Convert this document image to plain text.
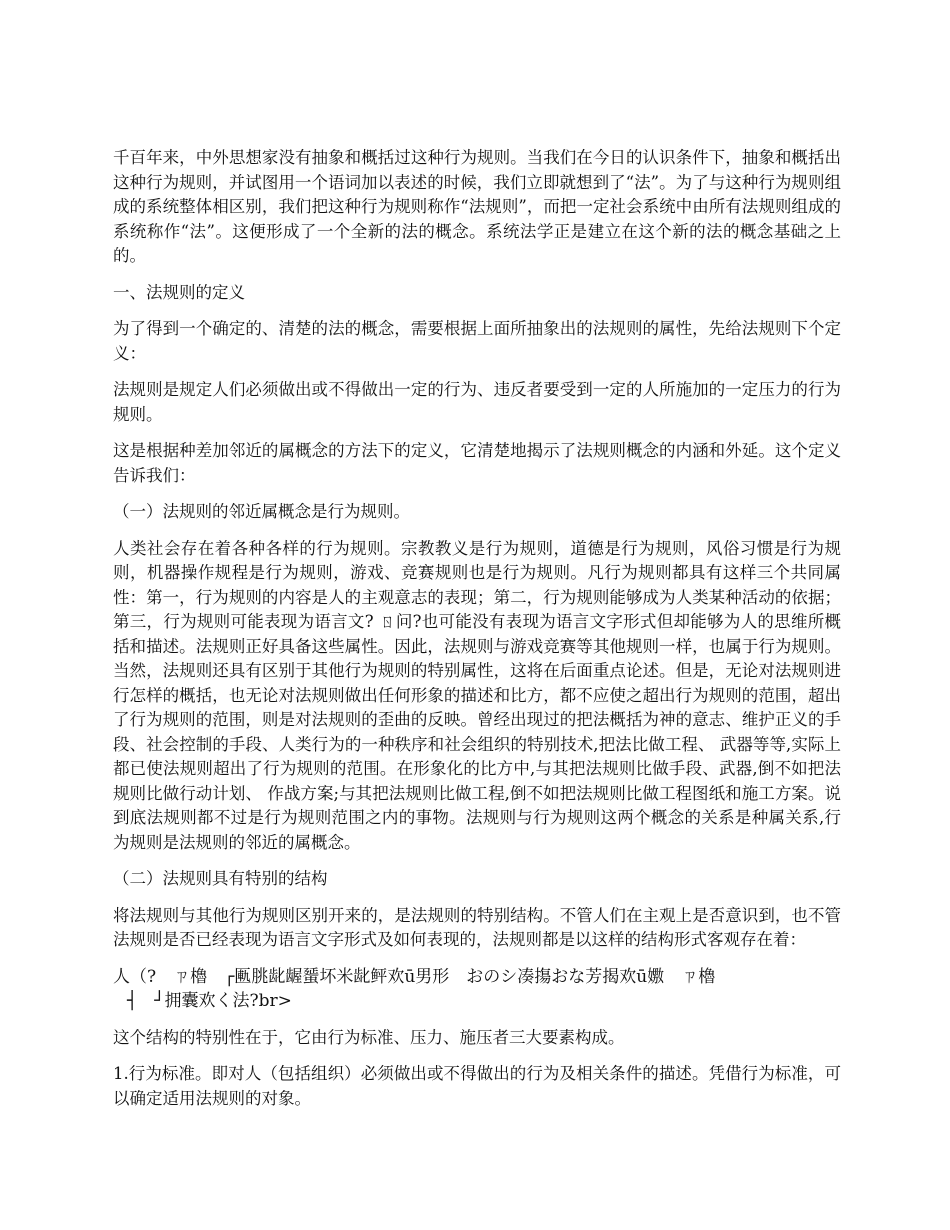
千百年来，中外思想家没有抽象和概括过这种行为规则。当我们在今日的认识条件下，抽象和概括出这种行为规则，并试图用一个语词加以表述的时候，我们立即就想到了“法”。为了与这种行为规则组成的系统整体相区别，我们把这种行为规则称作“法规则”，而把一定社会系统中由所有法规则组成的系统称作“法”。这便形成了一个全新的法的概念。系统法学正是建立在这个新的法的概念基础之上的。

一、法规则的定义

为了得到一个确定的、清楚的法的概念，需要根据上面所抽象出的法规则的属性，先给法规则下个定义：

法规则是规定人们必须做出或不得做出一定的行为、违反者要受到一定的人所施加的一定压力的行为规则。

这是根据种差加邻近的属概念的方法下的定义，它清楚地揭示了法规则概念的内涵和外延。这个定义告诉我们：

（一）法规则的邻近属概念是行为规则。

人类社会存在着各种各样的行为规则。宗教教义是行为规则，道德是行为规则，风俗习惯是行为规则，机器操作规程是行为规则，游戏、竞赛规则也是行为规则。凡行为规则都具有这样三个共同属性：第一，行为规则的内容是人的主观意志的表现；第二，行为规则能够成为人类某种活动的依据；第三，行为规则可能表现为语言文? ㄖ问?也可能没有表现为语言文字形式但却能够为人的思维所概括和描述。法规则正好具备这些属性。因此，法规则与游戏竞赛等其他规则一样，也属于行为规则。当然，法规则还具有区别于其他行为规则的特别属性，这将在后面重点论述。但是，无论对法规则进行怎样的概括，也无论对法规则做出任何形象的描述和比方，都不应使之超出行为规则的范围，超出了行为规则的范围，则是对法规则的歪曲的反映。曾经出现过的把法概括为神的意志、维护正义的手段、社会控制的手段、人类行为的一种秩序和社会组织的特别技术,把法比做工程、 武器等等,实际上都已使法规则超出了行为规则的范围。在形象化的比方中,与其把法规则比做手段、武器,倒不如把法规则比做行动计划、 作战方案;与其把法规则比做工程,倒不如把法规则比做工程图纸和施工方案。说到底法规则都不过是行为规则范围之内的事物。法规则与行为规则这两个概念的关系是种属关系,行为规则是法规则的邻近的属概念。

（二）法规则具有特别的结构

将法规则与其他行为规则区别开来的，是法规则的特别结构。不管人们在主观上是否意识到，也不管法规则是否已经表现为语言文字形式及如何表现的，法规则都是以这样的结构形式客观存在着：

人（?　ㄗ櫓　┌匭朓龀龌蜑坏米龀鲆欢ū男形　おのシ凑摥おな芳揭欢ū嫐　ㄗ櫓
┤　┘拥囊欢く法?br>

这个结构的特别性在于，它由行为标准、压力、施压者三大要素构成。

1.行为标准。即对人（包括组织）必须做出或不得做出的行为及相关条件的描述。凭借行为标准，可以确定适用法规则的对象。
